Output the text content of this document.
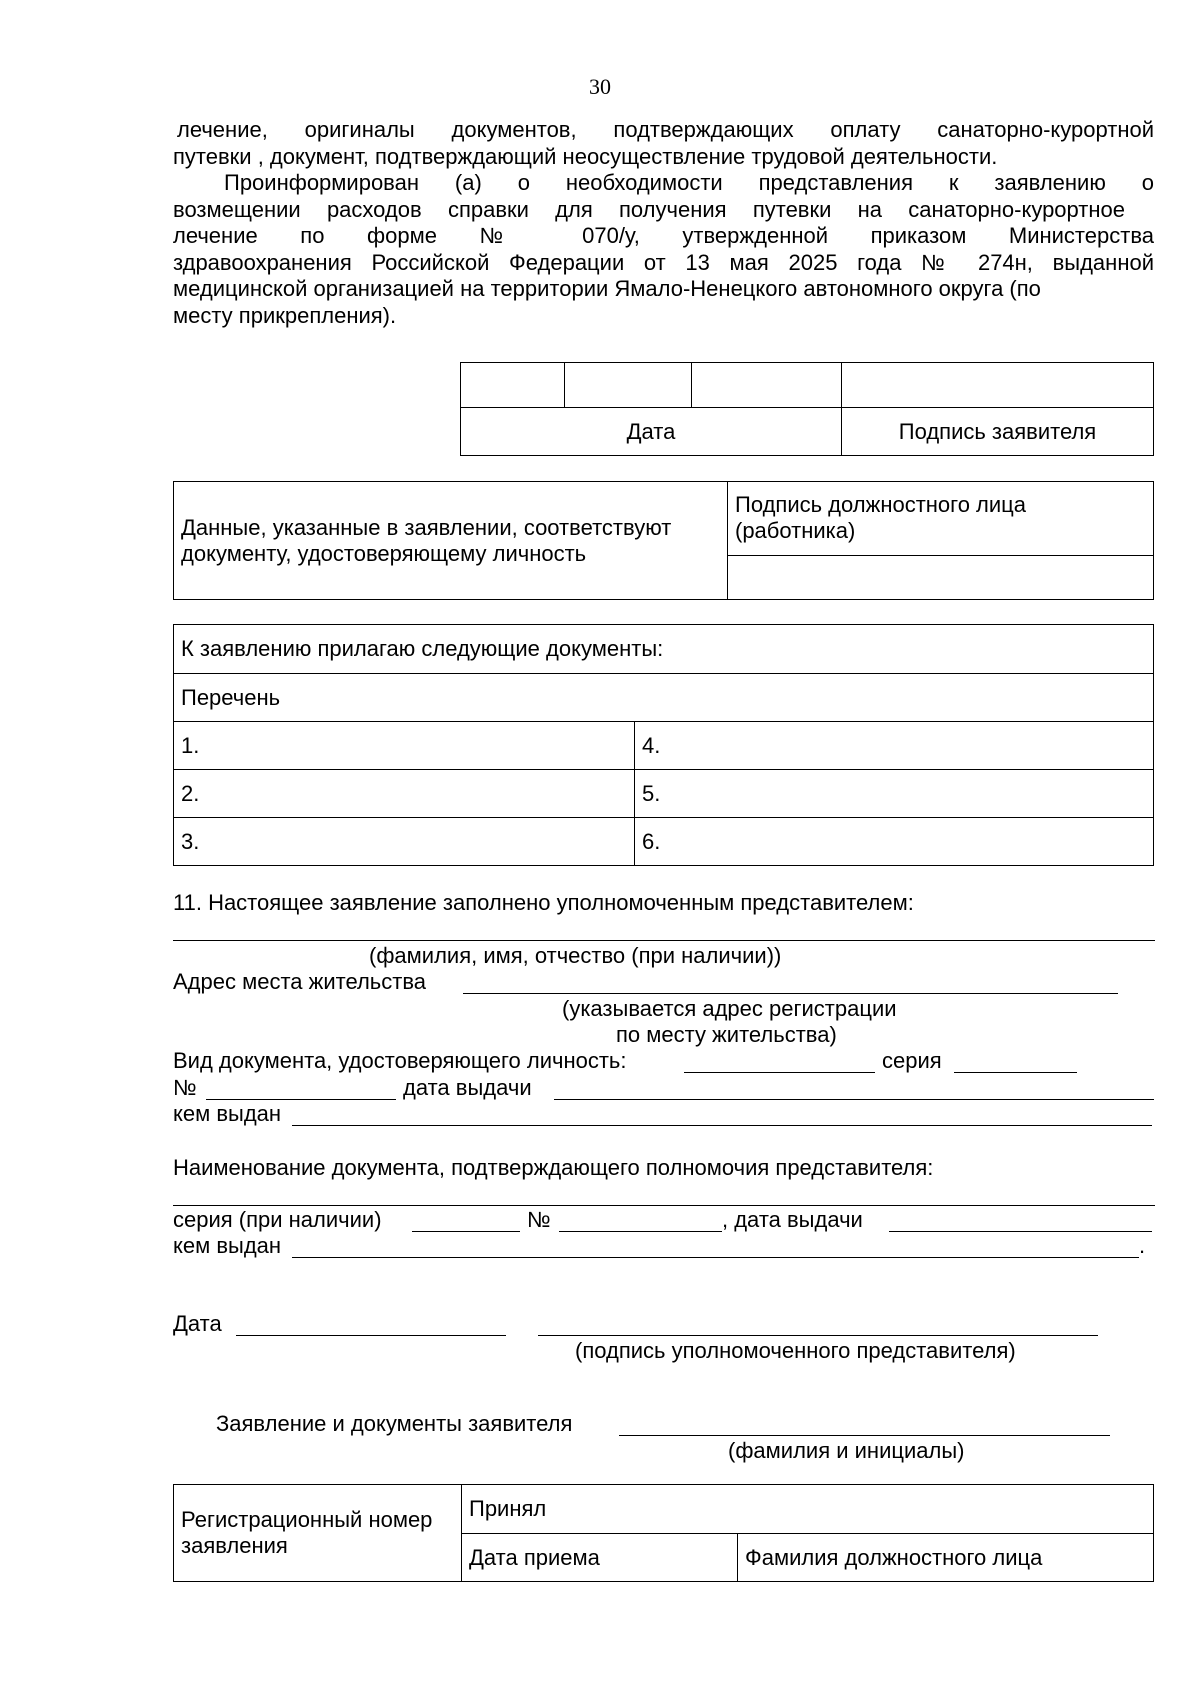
30
лечение, оригиналы документов, подтверждающих оплату санаторно-курортной
путевки , документ, подтверждающий неосуществление трудовой деятельности.
Проинформирован (а) о необходимости представления к заявлению о
возмещении расходов справки для получения путевки на санаторно-курортное
лечение по форме № 070/у, утвержденной приказом Министерства
здравоохранения Российской Федерации от 13 мая 2025 года № 274н, выданной
медицинской организацией на территории Ямало-Ненецкого автономного округа (по
месту прикрепления).

Дата			Подпись заявителя
Данные, указанные в заявлении, соответствуют документу, удостоверяющему личность	Подпись должностного лица (работника)

К заявлению прилагаю следующие документы:	
Перечень	
1.	4.
2.	5.
3.	6.
11. Настоящее заявление заполнено уполномоченным представителем:
(фамилия, имя, отчество (при наличии))
Адрес места жительства
(указывается адрес регистрации
по месту жительства)
Вид документа, удостоверяющего личность:	серия
№	дата выдачи
кем выдан
Наименование документа, подтверждающего полномочия представителя:
серия (при наличии)	№	, дата выдачи
кем выдан	.
Дата
(подпись уполномоченного представителя)
Заявление и документы заявителя
(фамилия и инициалы)
Регистрационный номер заявления	Принял	
	Дата приема	Фамилия должностного лица
